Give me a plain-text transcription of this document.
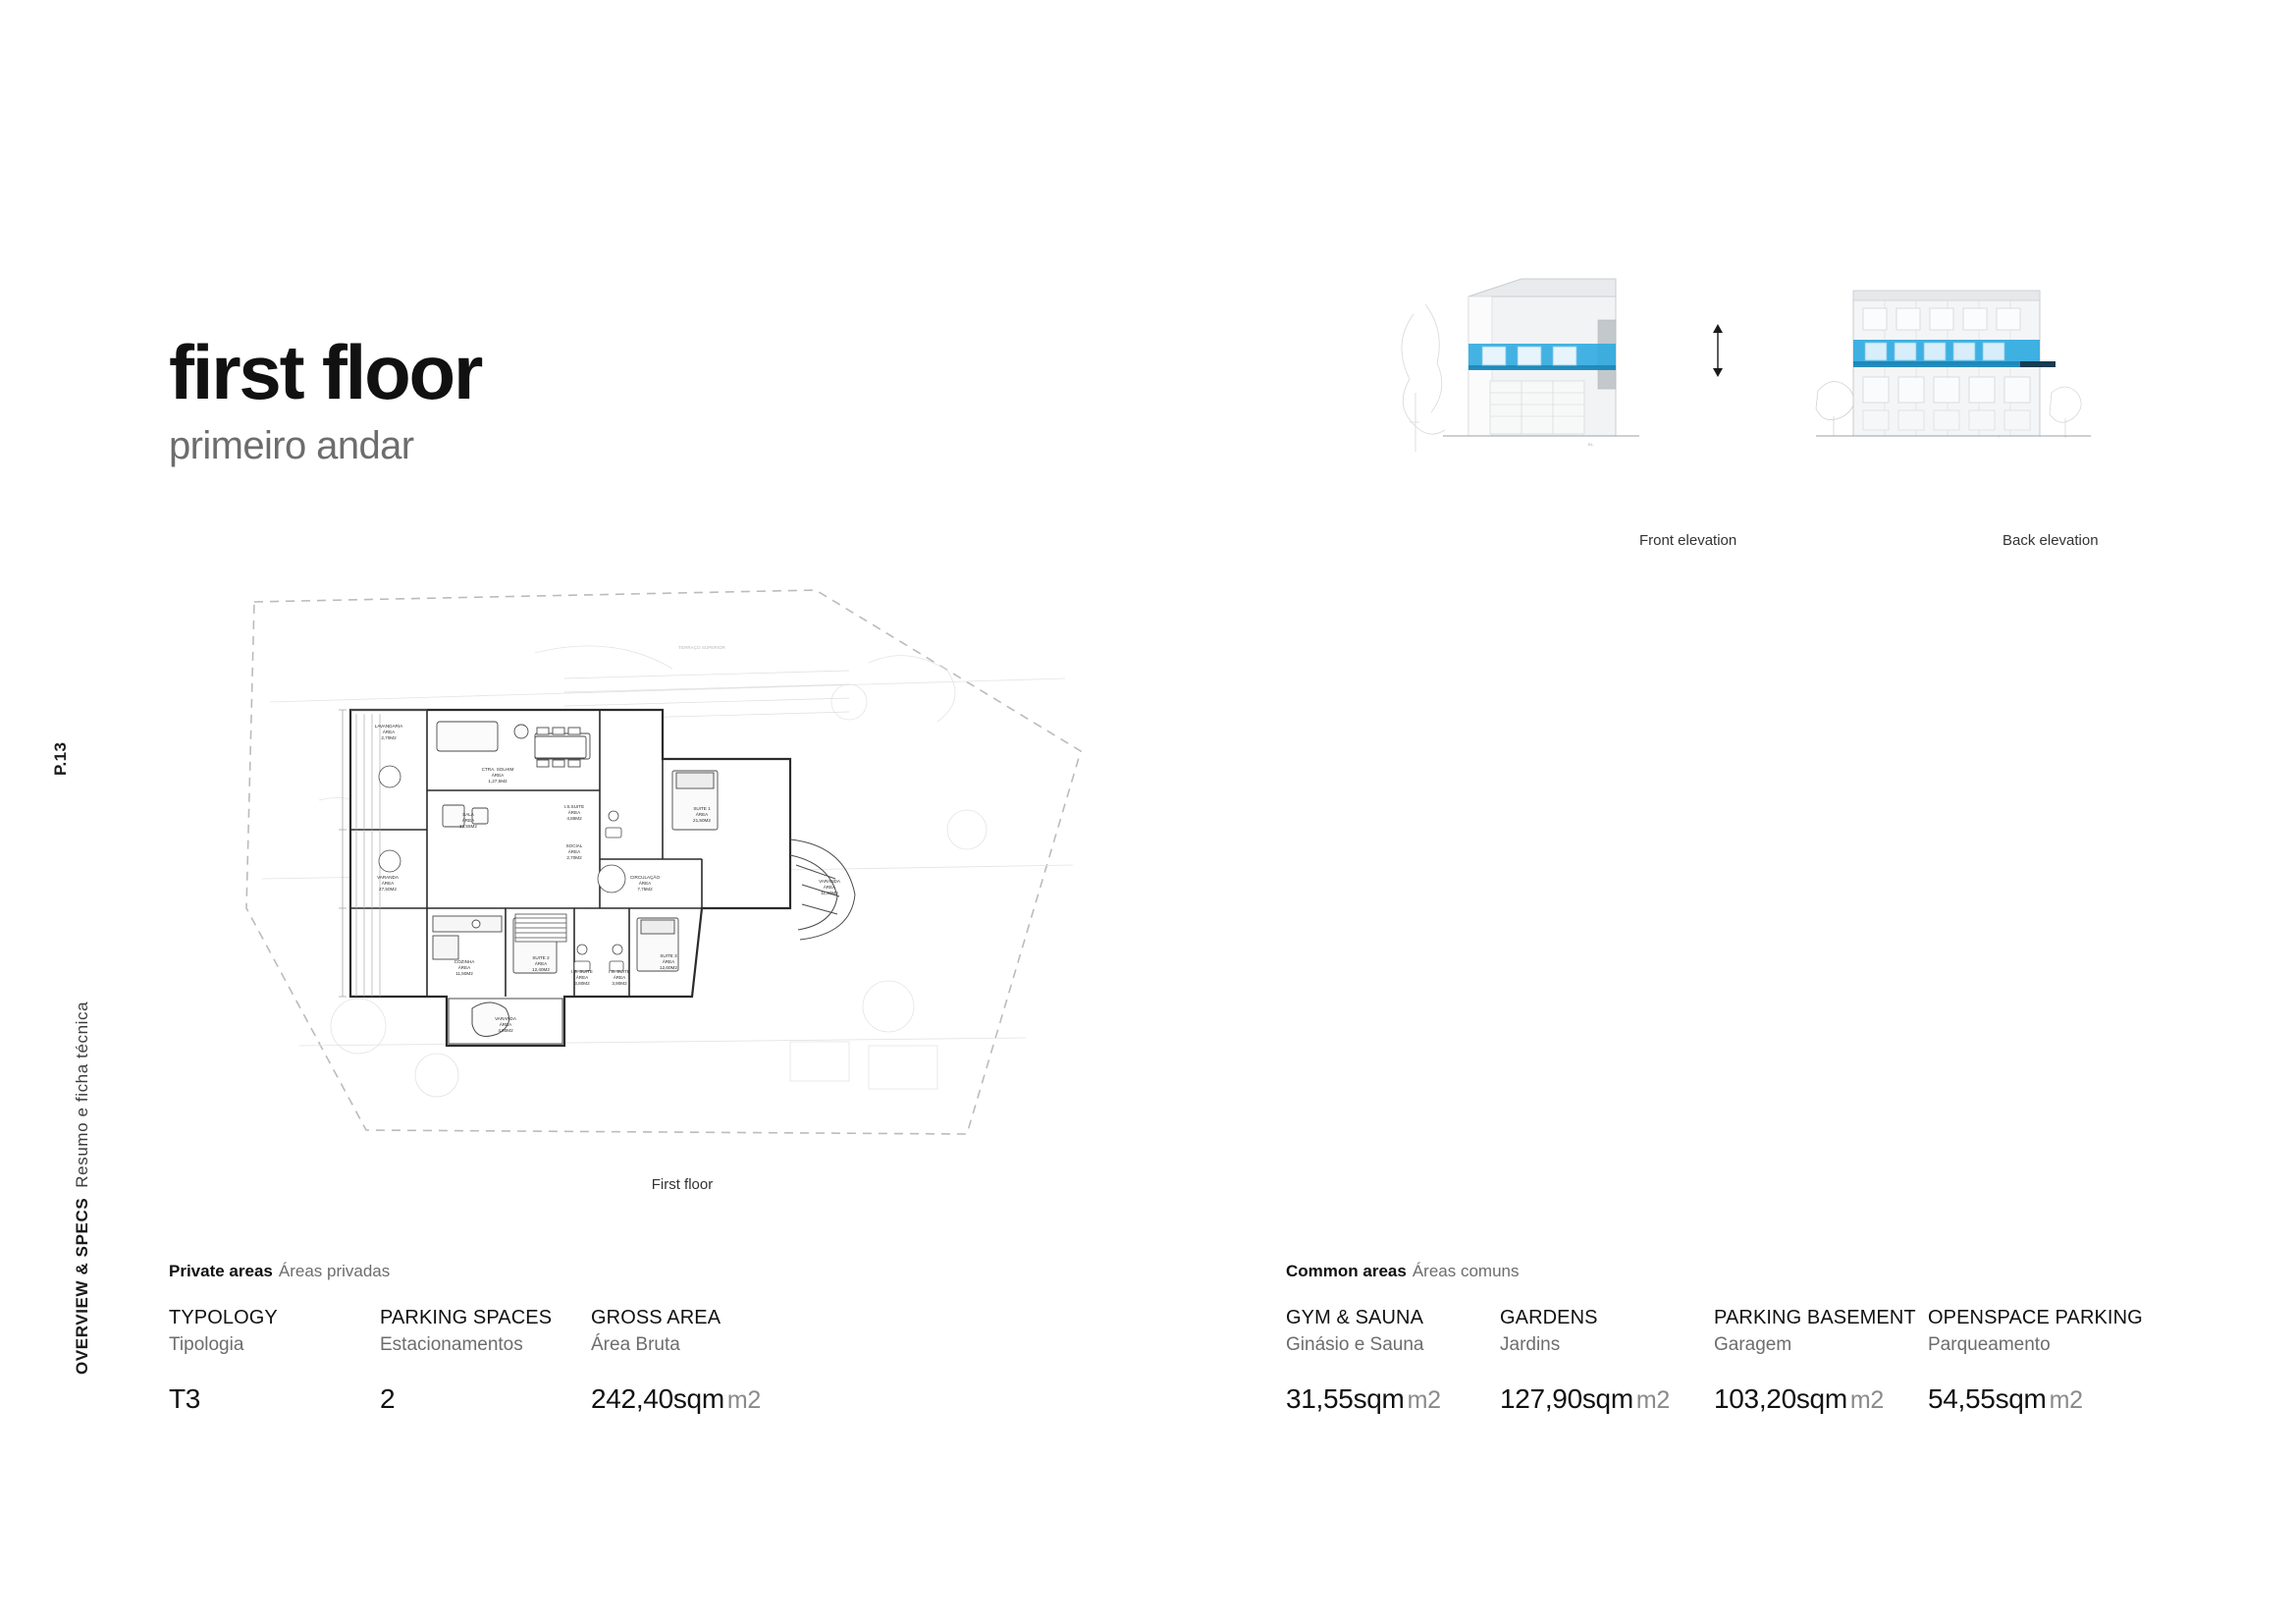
P.13
OVERVIEW & SPECSResumo e ficha técnica
first floor
primeiro andar	EL.
Front elevation	Back elevation
LAVANDARIA
ÁREA
2,70M2
CTRA. SOLHIM
ÁREA
1,27,5M2
SALA
ÁREA
31,55M2
I.S.SUITE
ÁREA
4,86M2
SUITE 1
ÁREA
21,50M2
SOCIAL
ÁREA
2,70M2
CIRCULAÇÃO
ÁREA
7,75M2
VARANDA
ÁREA
11,90M2
VARANDA
ÁREA
27,50M2
COZINHA
ÁREA
11,50M2
SUITE 2
ÁREA
12,40M2	I.S. SUITE
ÁREA
3,80M2
I.S. SUITE
ÁREA
3,90M2
SUITE 3
ÁREA
12,60M2
VARANDA
ÁREA
4,90M2
TERRAÇO SUPERIOR
First floor
Private areas Áreas privadas
TYPOLOGY
Tipologia
T3
PARKING SPACES
Estacionamentos
2
GROSS AREA
Área Bruta
242,40sqm m2
Common areas Áreas comuns
GYM & SAUNA
Ginásio e Sauna
31,55sqm m2
GARDENS
Jardins
127,90sqm m2
PARKING BASEMENT
Garagem
103,20sqm m2
OPENSPACE PARKING
Parqueamento
54,55sqm m2
